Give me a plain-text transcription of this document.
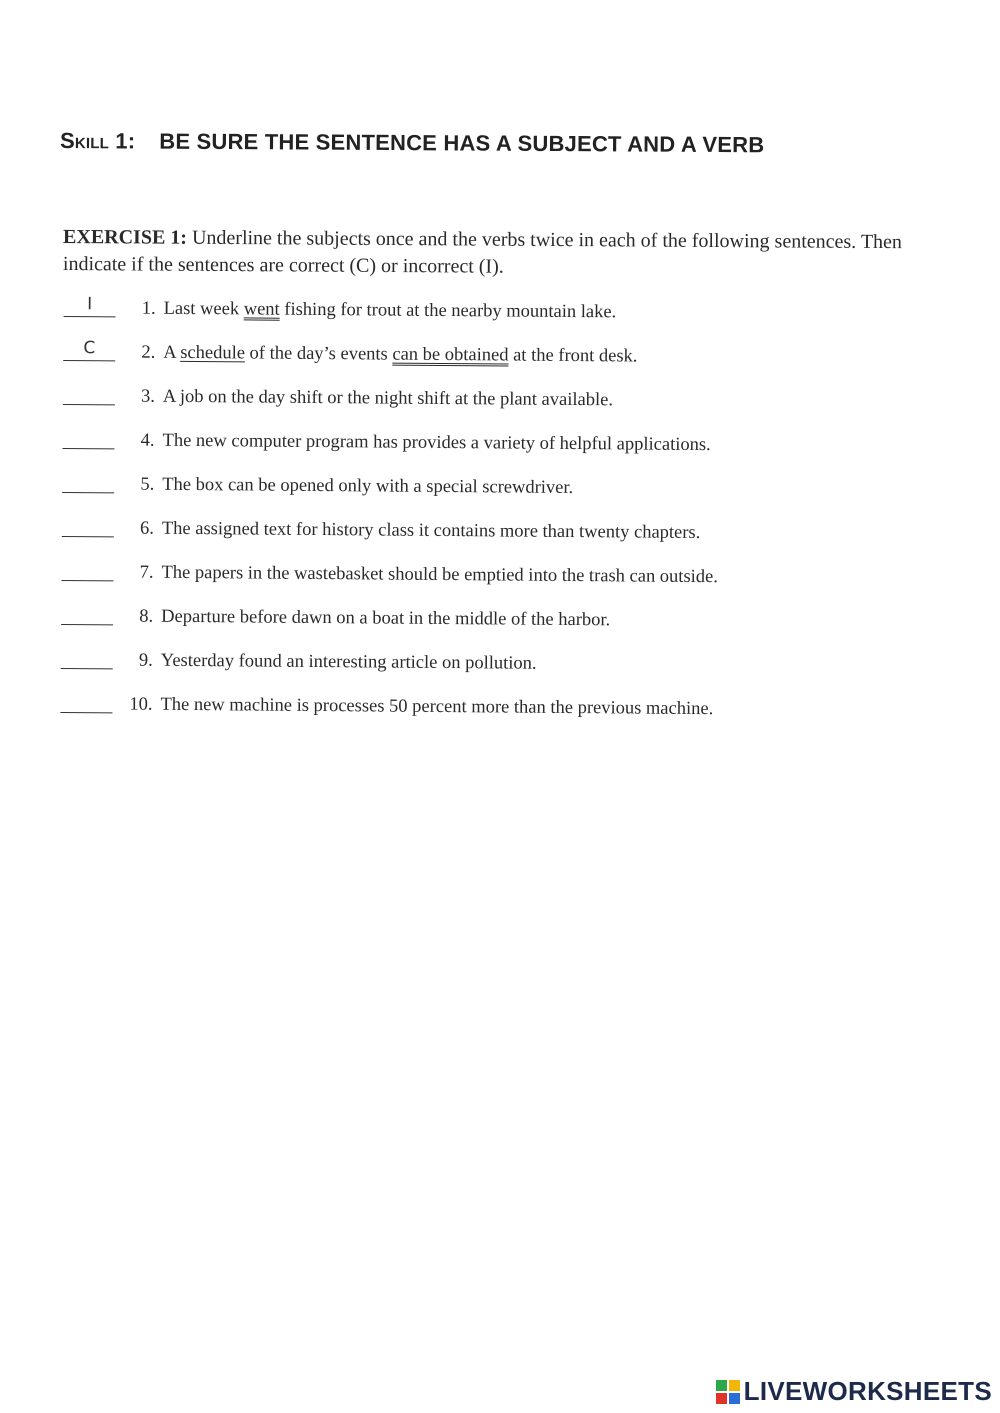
Skill 1: BE SURE THE SENTENCE HAS A SUBJECT AND A VERB
EXERCISE 1: Underline the subjects once and the verbs twice in each of the following sentences. Then indicate if the sentences are correct (C) or incorrect (I).
I	1. Last week went fishing for trout at the nearby mountain lake.
C	2. A schedule of the day’s events can be obtained at the front desk.
3. A job on the day shift or the night shift at the plant available.
4. The new computer program has provides a variety of helpful applications.
5. The box can be opened only with a special screwdriver.
6. The assigned text for history class it contains more than twenty chapters.
7. The papers in the wastebasket should be emptied into the trash can outside.
8. Departure before dawn on a boat in the middle of the harbor.
9. Yesterday found an interesting article on pollution.
10. The new machine is processes 50 percent more than the previous machine.
LIVEWORKSHEETS
